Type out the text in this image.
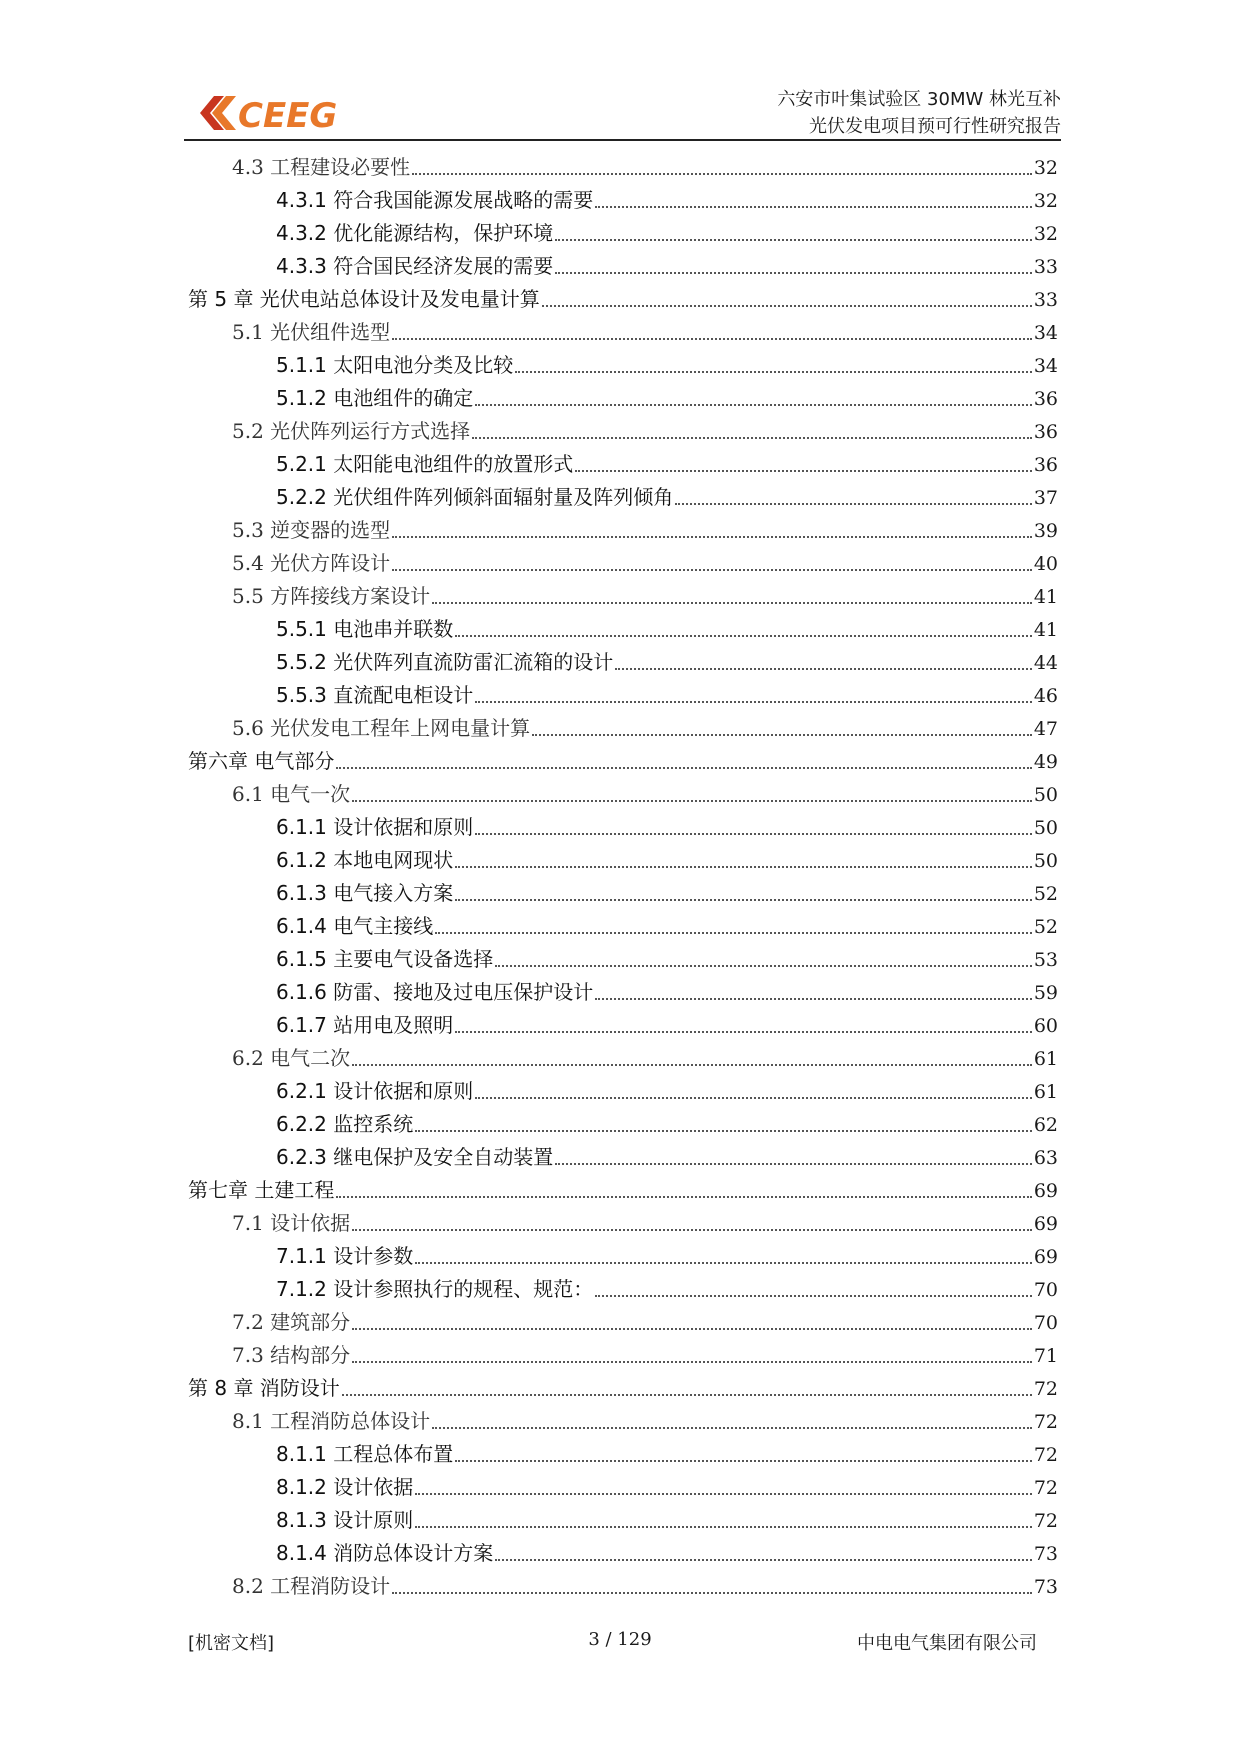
CEEG	六安市叶集试验区 30MW 林光互补
光伏发电项目预可行性研究报告
4.3 工程建设必要性	32
4.3.1 符合我国能源发展战略的需要	32
4.3.2 优化能源结构，保护环境	32
4.3.3 符合国民经济发展的需要	33
第 5 章 光伏电站总体设计及发电量计算	33
5.1 光伏组件选型	34
5.1.1 太阳电池分类及比较	34
5.1.2 电池组件的确定	36
5.2 光伏阵列运行方式选择	36
5.2.1 太阳能电池组件的放置形式	36
5.2.2 光伏组件阵列倾斜面辐射量及阵列倾角	37
5.3 逆变器的选型	39
5.4 光伏方阵设计	40
5.5 方阵接线方案设计	41
5.5.1 电池串并联数	41
5.5.2 光伏阵列直流防雷汇流箱的设计	44
5.5.3 直流配电柜设计	46
5.6 光伏发电工程年上网电量计算	47
第六章 电气部分	49
6.1 电气一次	50
6.1.1 设计依据和原则	50
6.1.2 本地电网现状	50
6.1.3 电气接入方案	52
6.1.4 电气主接线	52
6.1.5 主要电气设备选择	53
6.1.6 防雷、接地及过电压保护设计	59
6.1.7 站用电及照明	60
6.2 电气二次	61
6.2.1 设计依据和原则	61
6.2.2 监控系统	62
6.2.3 继电保护及安全自动装置	63
第七章 土建工程	69
7.1 设计依据	69
7.1.1 设计参数	69
7.1.2 设计参照执行的规程、规范：	70
7.2 建筑部分	70
7.3 结构部分	71
第 8 章 消防设计	72
8.1 工程消防总体设计	72
8.1.1 工程总体布置	72
8.1.2 设计依据	72
8.1.3 设计原则	72
8.1.4 消防总体设计方案	73
8.2 工程消防设计	73
[机密文档]	3 / 129	中电电气集团有限公司
